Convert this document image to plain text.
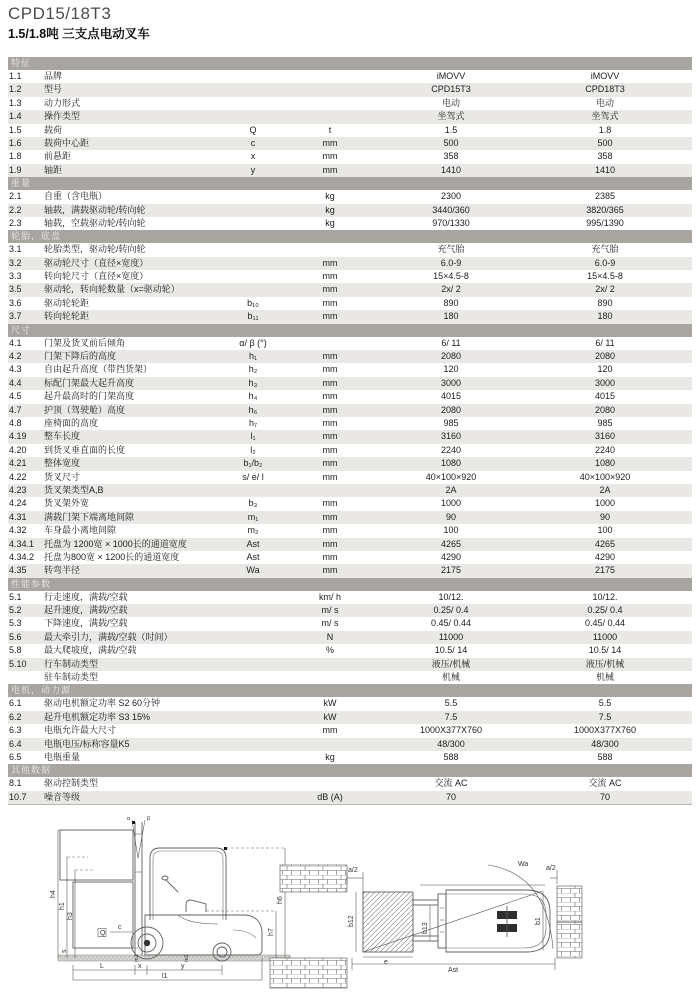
CPD15/18T3
1.5/1.8吨 三支点电动叉车
特征
1.1	品牌	iMOVV	iMOVV
1.2	型号	CPD15T3	CPD18T3
1.3	动力形式	电动	电动
1.4	操作类型	坐驾式	坐驾式
1.5	载荷	Q	t	1.5	1.8
1.6	载荷中心距	c	mm	500	500
1.8	前悬距	x	mm	358	358
1.9	轴距	y	mm	1410	1410
重量
2.1	自重（含电瓶）	kg	2300	2385
2.2	轴载，满载驱动轮/转向轮	kg	3440/360	3820/365
2.3	轴载，空载驱动轮/转向轮	kg	970/1330	995/1390
轮胎，底盘
3.1	轮胎类型，驱动轮/转向轮	充气胎	充气胎
3.2	驱动轮尺寸（直径×宽度）	mm	6.0-9	6.0-9
3.3	转向轮尺寸（直径×宽度）	mm	15×4.5-8	15×4.5-8
3.5	驱动轮，转向轮数量（x=驱动轮）	mm	2x/ 2	2x/ 2
3.6	驱动轮轮距	b₁₀	mm	890	890
3.7	转向轮轮距	b₁₁	mm	180	180
尺寸
4.1	门架及货叉前后倾角	α/ β (°)	6/ 11	6/ 11
4.2	门架下降后的高度	h₁	mm	2080	2080
4.3	自由起升高度（带挡货架）	h₂	mm	120	120
4.4	标配门架最大起升高度	h₃	mm	3000	3000
4.5	起升最高时的门架高度	h₄	mm	4015	4015
4.7	护顶（驾驶舱）高度	h₆	mm	2080	2080
4.8	座椅面的高度	h₇	mm	985	985
4.19	整车长度	l₁	mm	3160	3160
4.20	到货叉垂直面的长度	l₂	mm	2240	2240
4.21	整体宽度	b₁/b₂	mm	1080	1080
4.22	货叉尺寸	s/ e/ l	mm	40×100×920	40×100×920
4.23	货叉架类型A,B	2A	2A
4.24	货叉架外宽	b₃	mm	1000	1000
4.31	满载门架下端离地间隙	m₁	mm	90	90
4.32	车身最小离地间隙	m₂	mm	100	100
4.34.1	托盘为 1200宽 × 1000长的通道宽度	Ast	mm	4265	4265
4.34.2	托盘为800宽 × 1200长的通道宽度	Ast	mm	4290	4290
4.35	转弯半径	Wa	mm	2175	2175
性能参数
5.1	行走速度，满载/空载	km/ h	10/12.	10/12.
5.2	起升速度，满载/空载	m/ s	0.25/ 0.4	0.25/ 0.4
5.3	下降速度，满载/空载	m/ s	0.45/ 0.44	0.45/ 0.44
5.6	最大牵引力，满载/空载（时间）	N	11000	11000
5.8	最大爬坡度，满载/空载	%	10.5/ 14	10.5/ 14
5.10	行车制动类型	液压/机械	液压/机械
驻车制动类型	机械	机械
电机，动力源
6.1	驱动电机额定功率 S2 60分钟	kW	5.5	5.5
6.2	起升电机额定功率 S3 15%	kW	7.5	7.5
6.3	电瓶允许最大尺寸	mm	1000X377X760	1000X377X760
6.4	电瓶电压/标称容量K5	48/300	48/300
6.5	电瓶重量	kg	588	588
其他数据
8.1	驱动控制类型	交流 AC	交流 AC
10.7	噪音等级	dB (A)	70	70
α	β
h4
h1
h3
h6
h7
Q
c
s
m1	m2
L	x	y
l1
a/2
b12
e
b13
b1
Wa
a/2
Ast
